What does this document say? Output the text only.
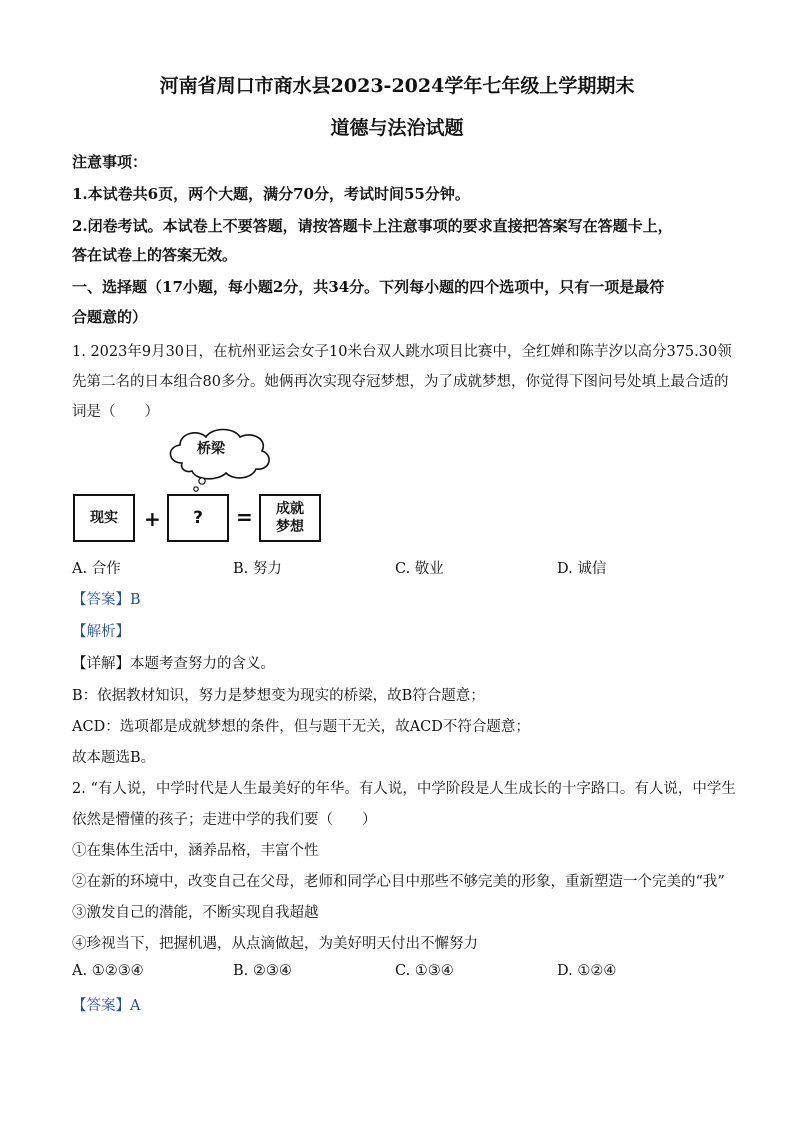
河南省周口市商水县2023-2024学年七年级上学期期末
道德与法治试题
注意事项：
1.本试卷共6页，两个大题，满分70分，考试时间55分钟。
2.闭卷考试。本试卷上不要答题，请按答题卡上注意事项的要求直接把答案写在答题卡上，
答在试卷上的答案无效。
一、选择题（17小题，每小题2分，共34分。下列每小题的四个选项中，只有一项是最符
合题意的）
1. 2023年9月30日，在杭州亚运会女子10米台双人跳水项目比赛中，全红婵和陈芋汐以高分375.30领
先第二名的日本组合80多分。她俩再次实现夺冠梦想，为了成就梦想，你觉得下图问号处填上最合适的
词是（　　）
桥梁
现实 + ? = 成就
梦想
A. 合作	B. 努力	C. 敬业	D. 诚信
【答案】B
【解析】
【详解】本题考查努力的含义。
B：依据教材知识，努力是梦想变为现实的桥梁，故B符合题意；
ACD：选项都是成就梦想的条件，但与题干无关，故ACD不符合题意；
故本题选B。
2. “有人说，中学时代是人生最美好的年华。有人说，中学阶段是人生成长的十字路口。有人说，中学生
依然是懵懂的孩子；走进中学的我们要（　　）
①在集体生活中，涵养品格，丰富个性
②在新的环境中，改变自己在父母，老师和同学心目中那些不够完美的形象，重新塑造一个完美的“我”
③激发自己的潜能，不断实现自我超越
④珍视当下，把握机遇，从点滴做起，为美好明天付出不懈努力
A. ①②③④	B. ②③④	C. ①③④	D. ①②④
【答案】A
